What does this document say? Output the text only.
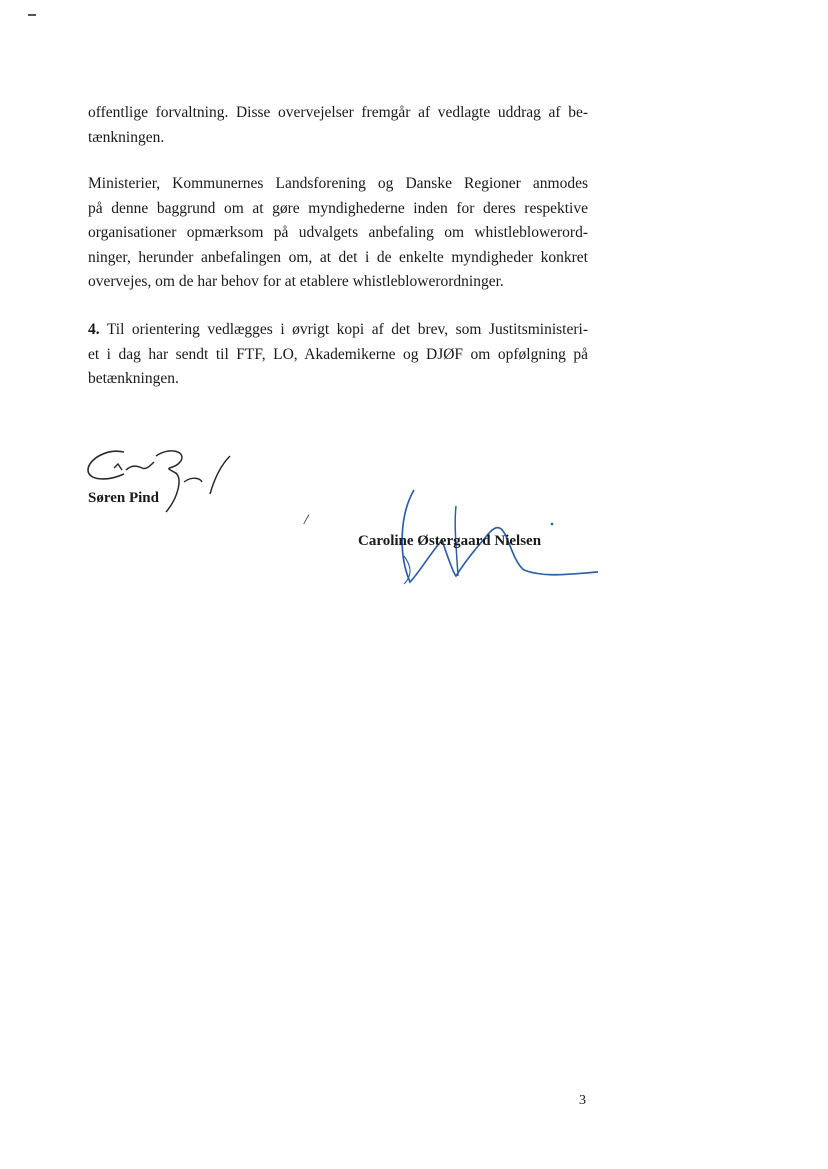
offentlige forvaltning. Disse overvejelser fremgår af vedlagte uddrag af be-
tænkningen.

Ministerier, Kommunernes Landsforening og Danske Regioner anmodes
på denne baggrund om at gøre myndighederne inden for deres respektive
organisationer opmærksom på udvalgets anbefaling om whistleblowerord-
ninger, herunder anbefalingen om, at det i de enkelte myndigheder konkret
overvejes, om de har behov for at etablere whistleblowerordninger.

4. Til orientering vedlægges i øvrigt kopi af det brev, som Justitsministeri-
et i dag har sendt til FTF, LO, Akademikerne og DJØF om opfølgning på
betænkningen.

Søren Pind
/
Caroline Østergaard Nielsen
3
